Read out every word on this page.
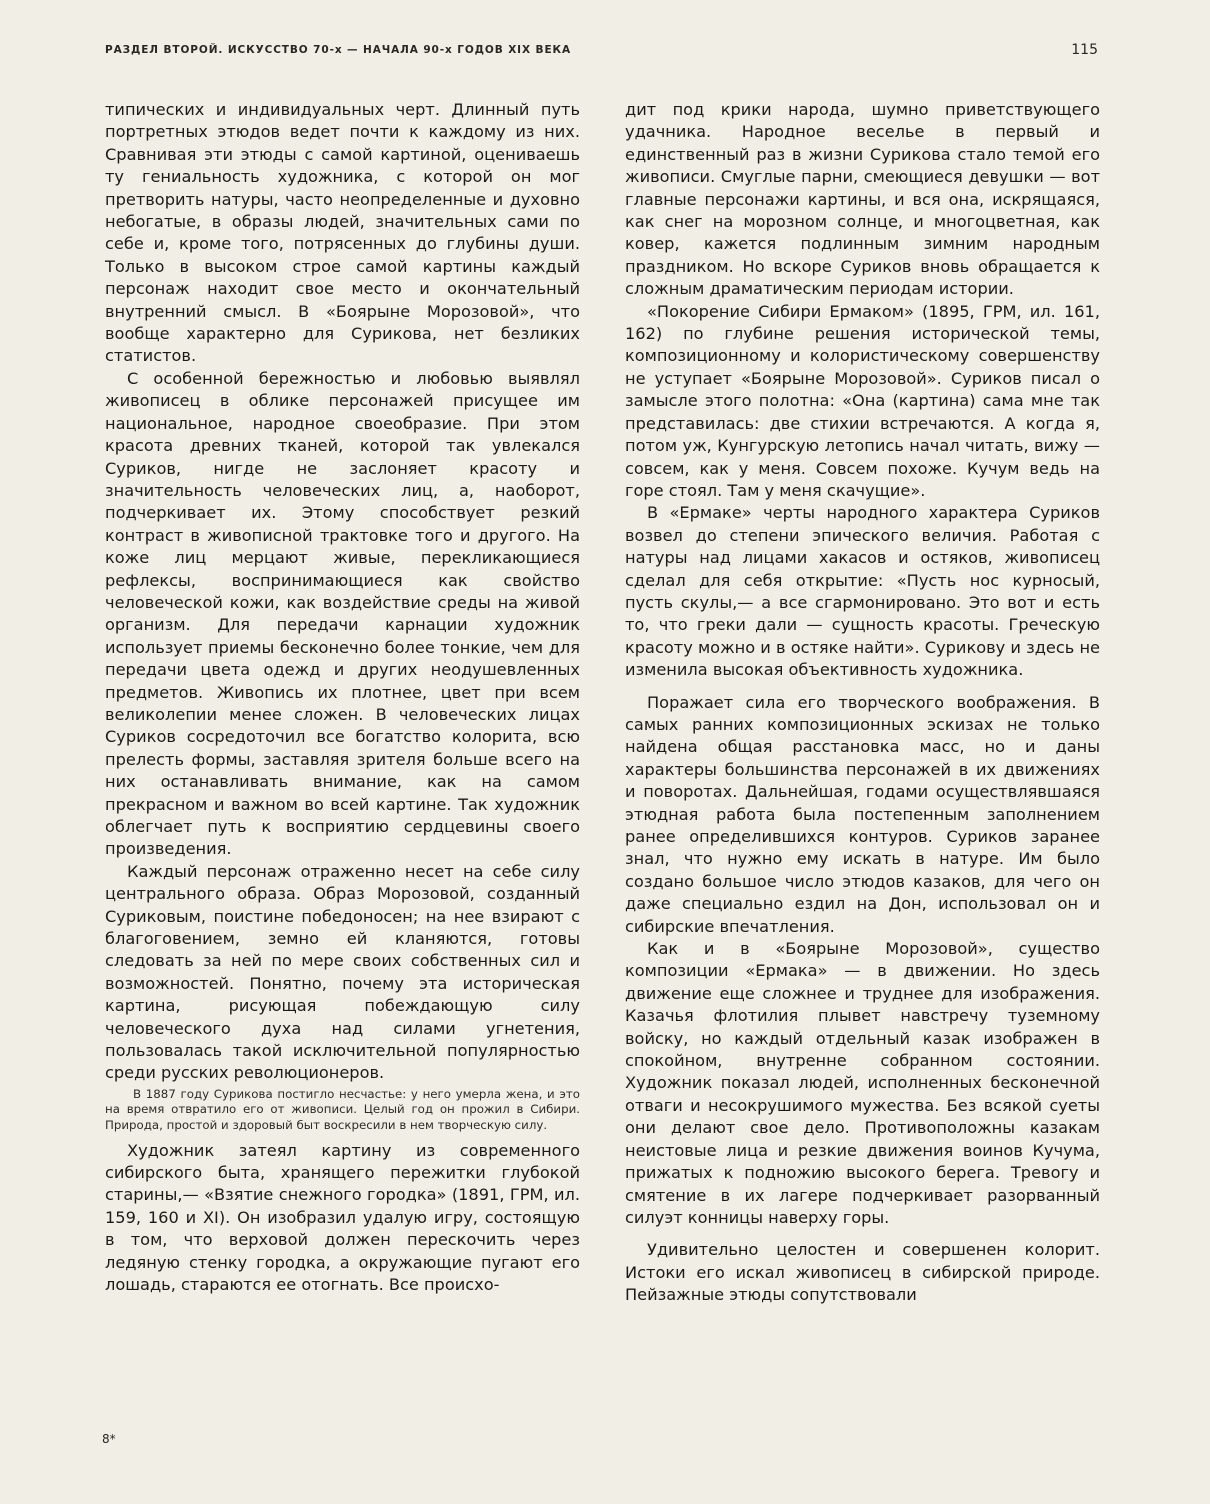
РАЗДЕЛ ВТОРОЙ. ИСКУССТВО 70-х — НАЧАЛА 90-х ГОДОВ XIX ВЕКА	115

типических и индивидуальных черт. Длинный путь портретных этюдов ведет почти к каждому из них. Сравнивая эти этюды с самой картиной, оцениваешь ту гениальность художника, с которой он мог претворить натуры, часто неопределенные и духовно небогатые, в образы людей, значительных сами по себе и, кроме того, потрясенных до глубины души. Только в высоком строе самой картины каждый персонаж находит свое место и окончательный внутренний смысл. В «Боярыне Морозовой», что вообще характерно для Сурикова, нет безликих статистов.

С особенной бережностью и любовью выявлял живописец в облике персонажей присущее им национальное, народное своеобразие. При этом красота древних тканей, которой так увлекался Суриков, нигде не заслоняет красоту и значительность человеческих лиц, а, наоборот, подчеркивает их. Этому способствует резкий контраст в живописной трактовке того и другого. На коже лиц мерцают живые, перекликающиеся рефлексы, воспринимающиеся как свойство человеческой кожи, как воздействие среды на живой организм. Для передачи карнации художник использует приемы бесконечно более тонкие, чем для передачи цвета одежд и других неодушевленных предметов. Живопись их плотнее, цвет при всем великолепии менее сложен. В человеческих лицах Суриков сосредоточил все богатство колорита, всю прелесть формы, заставляя зрителя больше всего на них останавливать внимание, как на самом прекрасном и важном во всей картине. Так художник облегчает путь к восприятию сердцевины своего произведения.

Каждый персонаж отраженно несет на себе силу центрального образа. Образ Морозовой, созданный Суриковым, поистине победоносен; на нее взирают с благоговением, земно ей кланяются, готовы следовать за ней по мере своих собственных сил и возможностей. Понятно, почему эта историческая картина, рисующая побеждающую силу человеческого духа над силами угнетения, пользовалась такой исключительной популярностью среди русских революционеров.

В 1887 году Сурикова постигло несчастье: у него умерла жена, и это на время отвратило его от живописи. Целый год он прожил в Сибири. Природа, простой и здоровый быт воскресили в нем творческую силу.

Художник затеял картину из современного сибирского быта, хранящего пережитки глубокой старины,— «Взятие снежного городка» (1891, ГРМ, ил. 159, 160 и XI). Он изобразил удалую игру, состоящую в том, что верховой должен перескочить через ледяную стенку городка, а окружающие пугают его лошадь, стараются ее отогнать. Все происхо-

дит под крики народа, шумно приветствующего удачника. Народное веселье в первый и единственный раз в жизни Сурикова стало темой его живописи. Смуглые парни, смеющиеся девушки — вот главные персонажи картины, и вся она, искрящаяся, как снег на морозном солнце, и многоцветная, как ковер, кажется подлинным зимним народным праздником. Но вскоре Суриков вновь обращается к сложным драматическим периодам истории.

«Покорение Сибири Ермаком» (1895, ГРМ, ил. 161, 162) по глубине решения исторической темы, композиционному и колористическому совершенству не уступает «Боярыне Морозовой». Суриков писал о замысле этого полотна: «Она (картина) сама мне так представилась: две стихии встречаются. А когда я, потом уж, Кунгурскую летопись начал читать, вижу — совсем, как у меня. Совсем похоже. Кучум ведь на горе стоял. Там у меня скачущие».

В «Ермаке» черты народного характера Суриков возвел до степени эпического величия. Работая с натуры над лицами хакасов и остяков, живописец сделал для себя открытие: «Пусть нос курносый, пусть скулы,— а все сгармонировано. Это вот и есть то, что греки дали — сущность красоты. Греческую красоту можно и в остяке найти». Сурикову и здесь не изменила высокая объективность художника.

Поражает сила его творческого воображения. В самых ранних композиционных эскизах не только найдена общая расстановка масс, но и даны характеры большинства персонажей в их движениях и поворотах. Дальнейшая, годами осуществлявшаяся этюдная работа была постепенным заполнением ранее определившихся контуров. Суриков заранее знал, что нужно ему искать в натуре. Им было создано большое число этюдов казаков, для чего он даже специально ездил на Дон, использовал он и сибирские впечатления.

Как и в «Боярыне Морозовой», существо композиции «Ермака» — в движении. Но здесь движение еще сложнее и труднее для изображения. Казачья флотилия плывет навстречу туземному войску, но каждый отдельный казак изображен в спокойном, внутренне собранном состоянии. Художник показал людей, исполненных бесконечной отваги и несокрушимого мужества. Без всякой суеты они делают свое дело. Противоположны казакам неистовые лица и резкие движения воинов Кучума, прижатых к подножию высокого берега. Тревогу и смятение в их лагере подчеркивает разорванный силуэт конницы наверху горы.

Удивительно целостен и совершенен колорит. Истоки его искал живописец в сибирской природе. Пейзажные этюды сопутствовали

8*
